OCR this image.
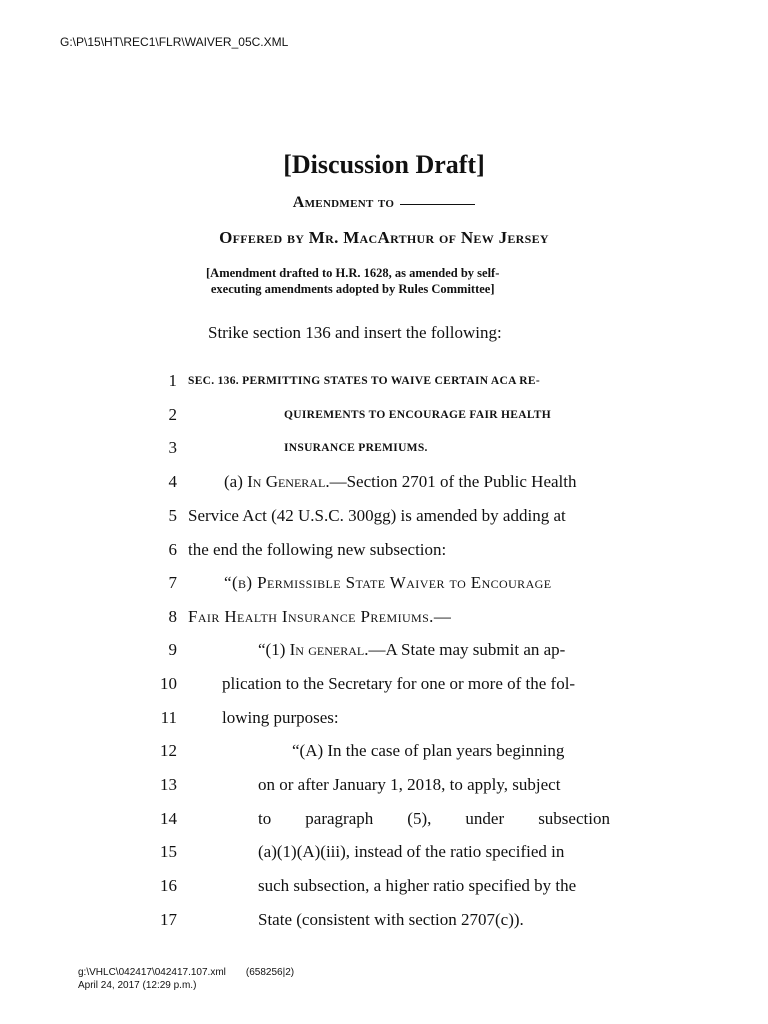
G:\P\15\HT\REC1\FLR\WAIVER_05C.XML
[Discussion Draft]
Amendment to
Offered by Mr. MacArthur of New Jersey
[Amendment drafted to H.R. 1628, as amended by self-
executing amendments adopted by Rules Committee]
Strike section 136 and insert the following:
1 SEC. 136. PERMITTING STATES TO WAIVE CERTAIN ACA RE-
2	QUIREMENTS TO ENCOURAGE FAIR HEALTH
3	INSURANCE PREMIUMS.
4	(a) In General.—Section 2701 of the Public Health
5 Service Act (42 U.S.C. 300gg) is amended by adding at
6 the end the following new subsection:
7	“(b) Permissible State Waiver to Encourage
8 Fair Health Insurance Premiums.—
9	“(1) In general.—A State may submit an ap-
10	plication to the Secretary for one or more of the fol-
11	lowing purposes:
12	“(A) In the case of plan years beginning
13	on or after January 1, 2018, to apply, subject
14	to paragraph (5), under subsection
15	(a)(1)(A)(iii), instead of the ratio specified in
16	such subsection, a higher ratio specified by the
17	State (consistent with section 2707(c)).
g:\VHLC\042417\042417.107.xml (658256|2)
April 24, 2017 (12:29 p.m.)
